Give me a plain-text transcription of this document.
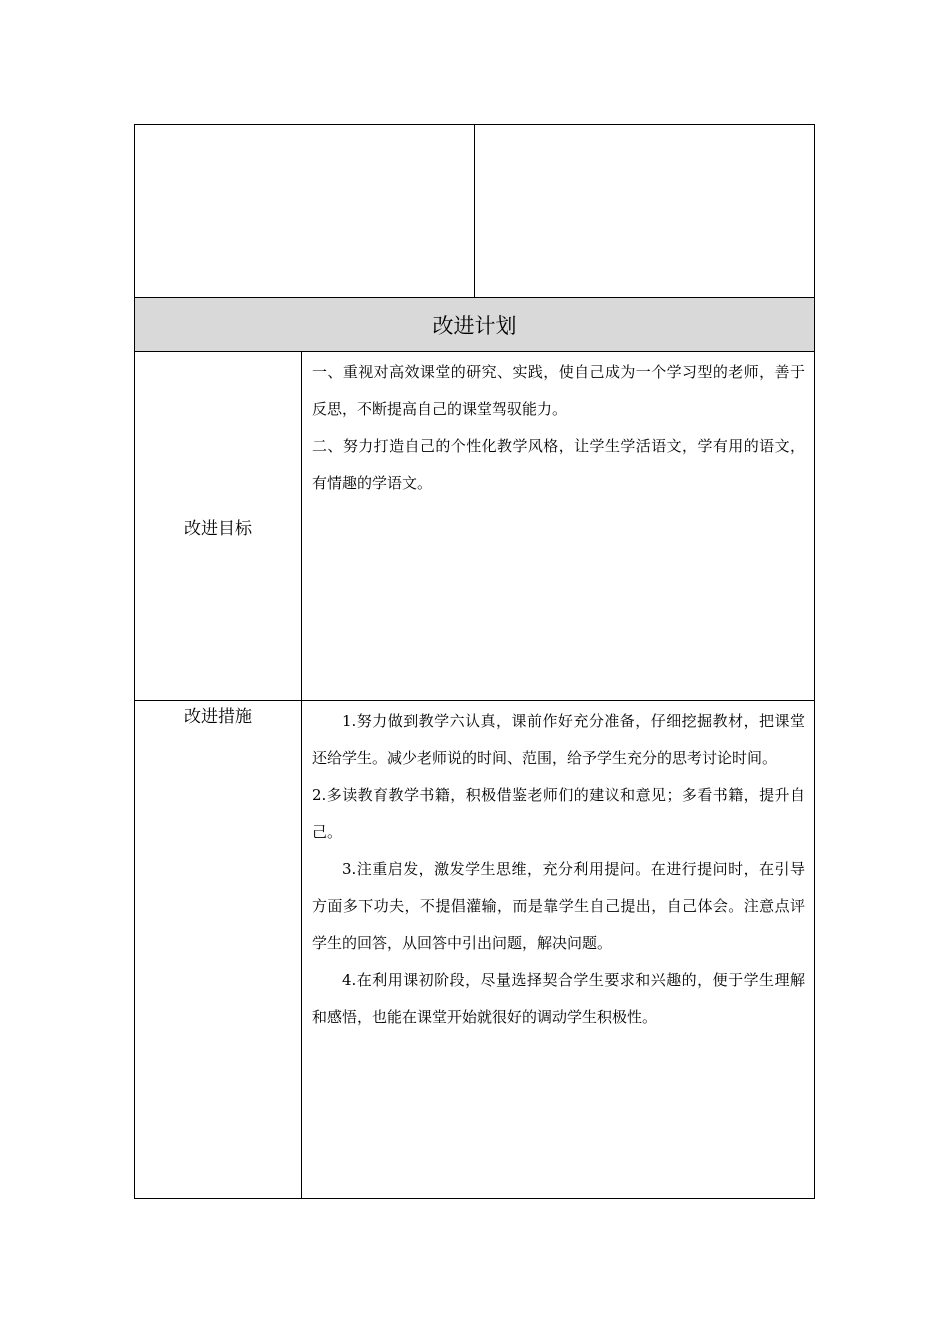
改进计划
改进目标

一、重视对高效课堂的研究、实践，使自己成为一个学习型的老师，善于反思，不断提高自己的课堂驾驭能力。

二、努力打造自己的个性化教学风格，让学生学活语文，学有用的语文，有情趣的学语文。

改进措施	1.努力做到教学六认真，课前作好充分准备，仔细挖掘教材，把课堂还给学生。减少老师说的时间、范围，给予学生充分的思考讨论时间。

2.多读教育教学书籍，积极借鉴老师们的建议和意见；多看书籍，提升自己。

3.注重启发，激发学生思维，充分利用提问。在进行提问时，在引导方面多下功夫，不提倡灌输，而是靠学生自己提出，自己体会。注意点评学生的回答，从回答中引出问题，解决问题。

4.在利用课初阶段，尽量选择契合学生要求和兴趣的，便于学生理解和感悟，也能在课堂开始就很好的调动学生积极性。
